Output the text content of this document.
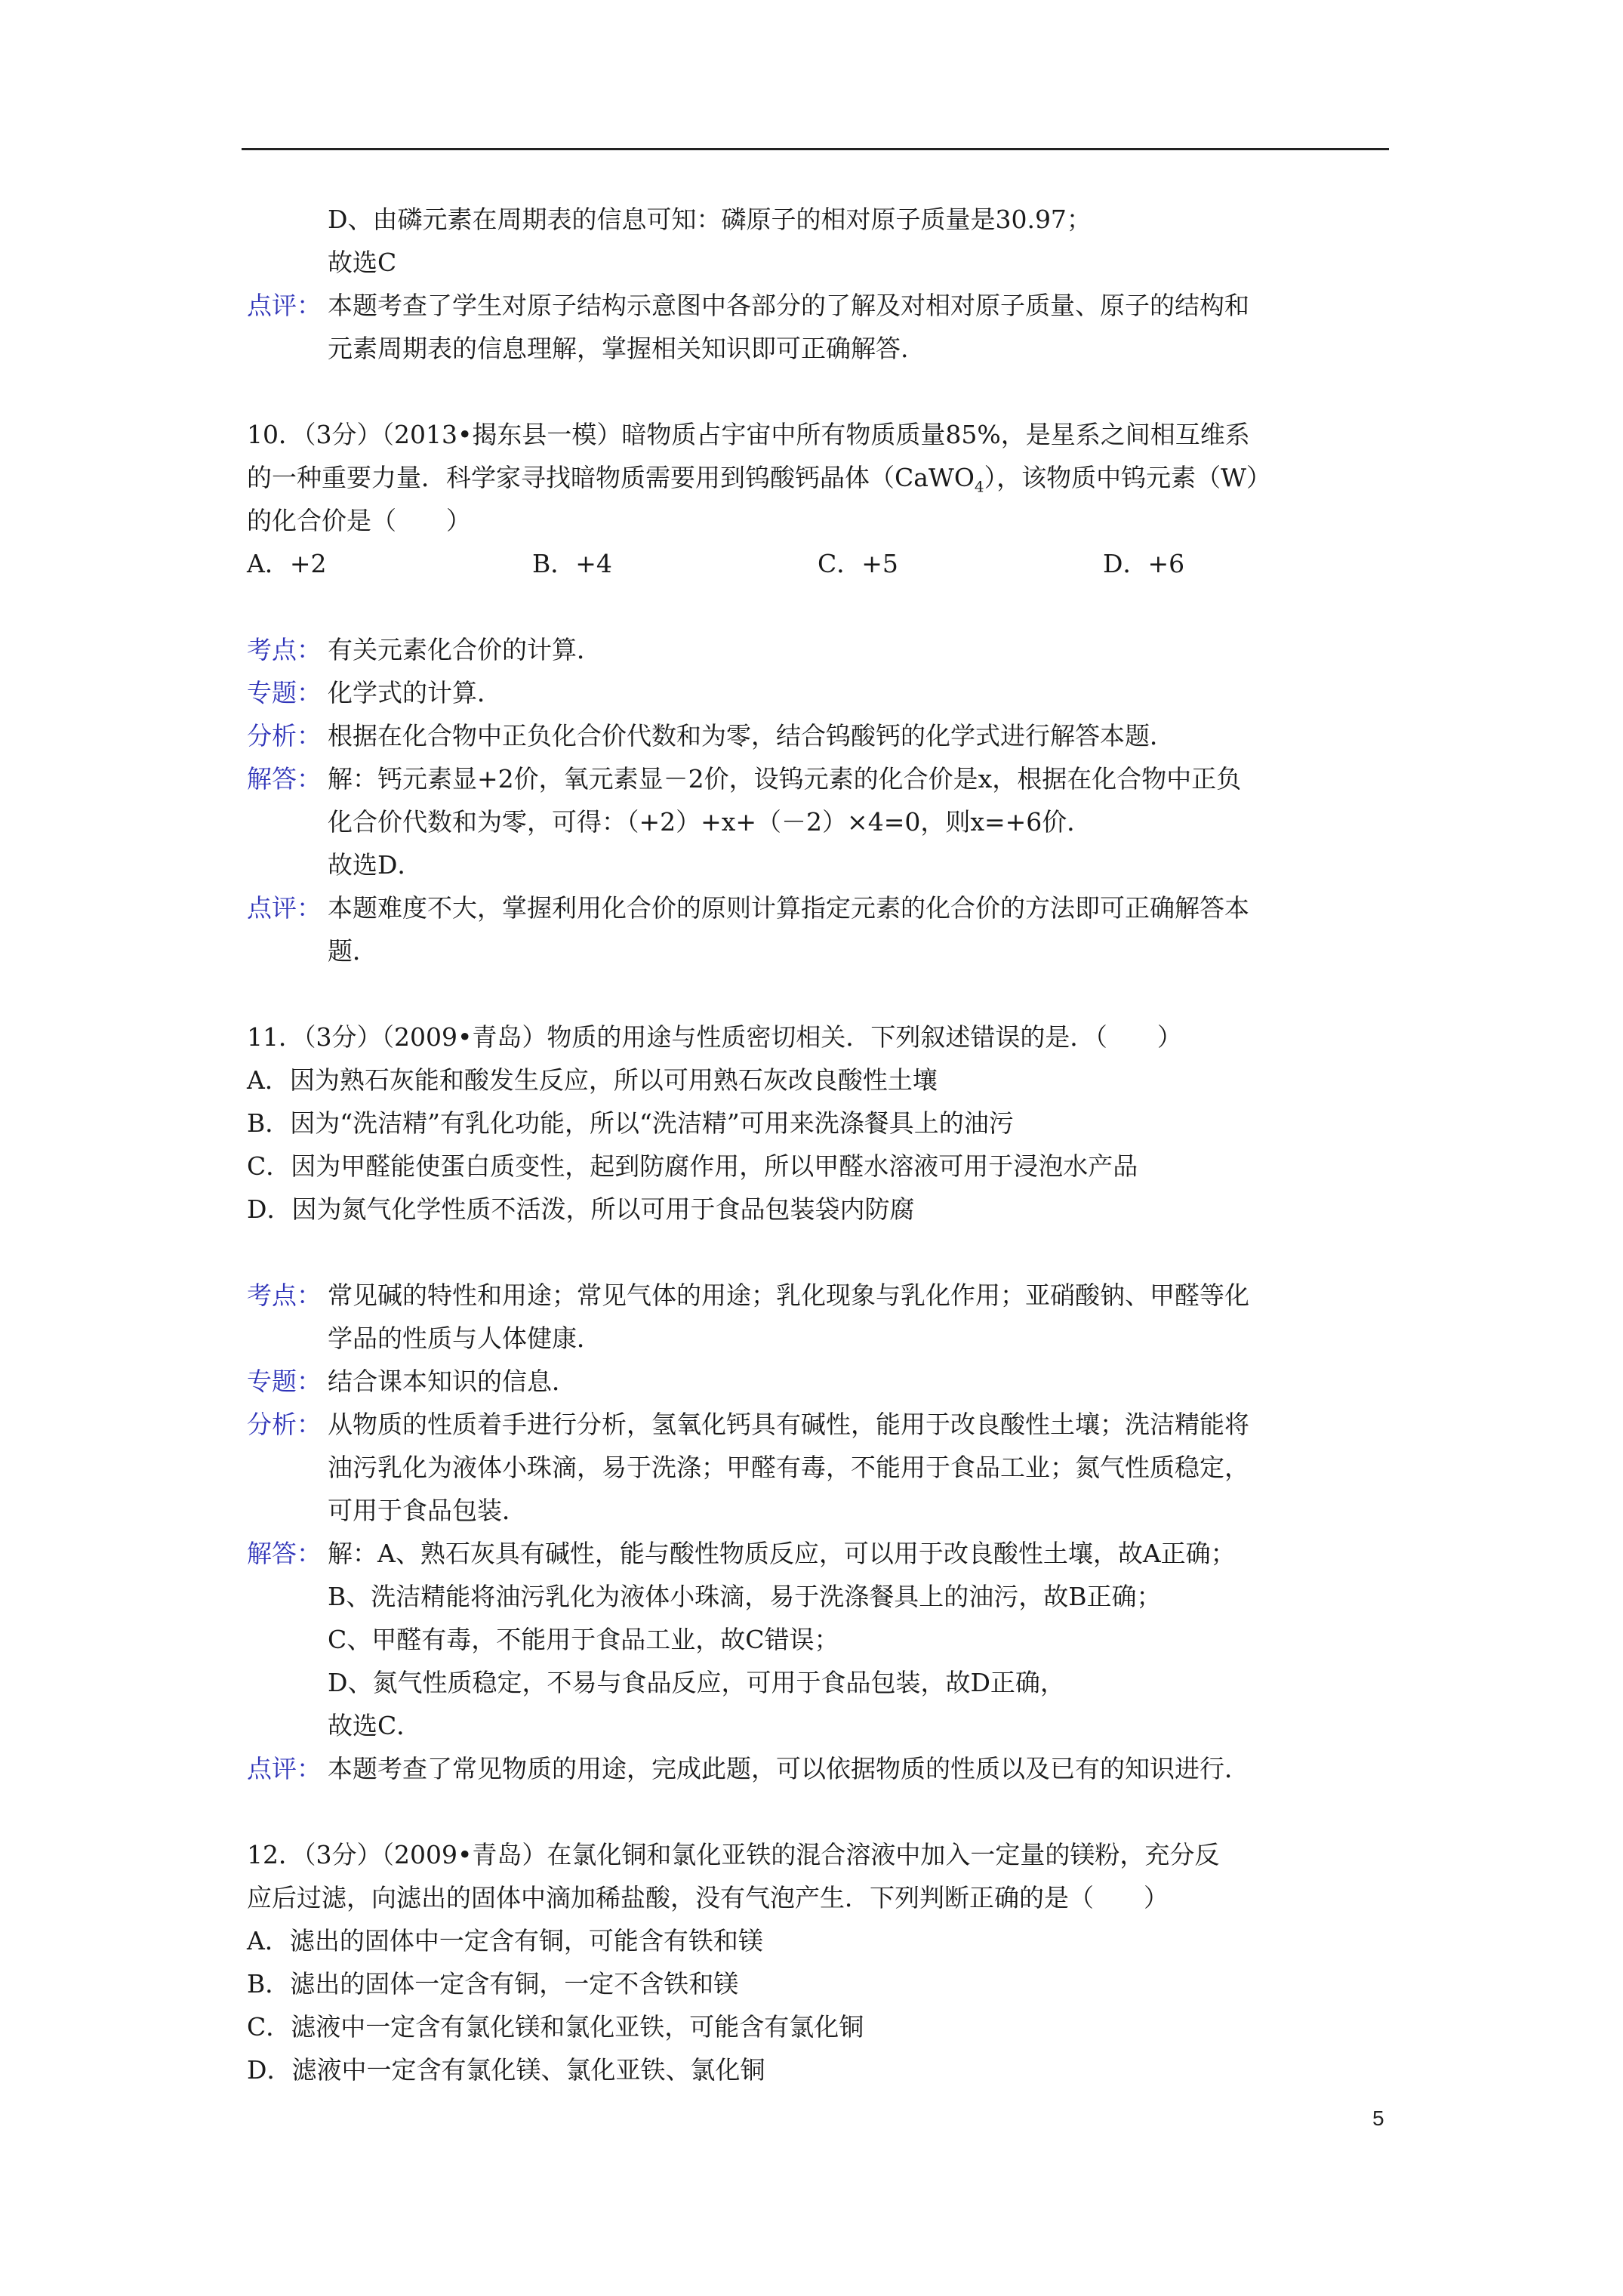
D、由磷元素在周期表的信息可知：磷原子的相对原子质量是30.97；
故选C
点评： 本题考查了学生对原子结构示意图中各部分的了解及对相对原子质量、原子的结构和
元素周期表的信息理解，掌握相关知识即可正确解答.
10．（3分）（2013•揭东县一模）暗物质占宇宙中所有物质质量85%，是星系之间相互维系
的一种重要力量．科学家寻找暗物质需要用到钨酸钙晶体（CaWO$_4$），该物质中钨元素（W）
的化合价是（　　）
A．+2	B．+4	C．+5	D．+6
考点： 有关元素化合价的计算．
专题： 化学式的计算．
分析： 根据在化合物中正负化合价代数和为零，结合钨酸钙的化学式进行解答本题．
解答： 解：钙元素显+2价，氧元素显－2价，设钨元素的化合价是x，根据在化合物中正负
化合价代数和为零，可得：（+2）+x+（－2）×4=0，则x=+6价．
故选D．
点评： 本题难度不大，掌握利用化合价的原则计算指定元素的化合价的方法即可正确解答本
题．
11．（3分）（2009•青岛）物质的用途与性质密切相关．下列叙述错误的是．（　　）
A．因为熟石灰能和酸发生反应，所以可用熟石灰改良酸性土壤
B．因为“洗洁精”有乳化功能，所以“洗洁精”可用来洗涤餐具上的油污
C．因为甲醛能使蛋白质变性，起到防腐作用，所以甲醛水溶液可用于浸泡水产品
D．因为氮气化学性质不活泼，所以可用于食品包装袋内防腐
考点： 常见碱的特性和用途；常见气体的用途；乳化现象与乳化作用；亚硝酸钠、甲醛等化
学品的性质与人体健康．
专题： 结合课本知识的信息．
分析： 从物质的性质着手进行分析，氢氧化钙具有碱性，能用于改良酸性土壤；洗洁精能将
油污乳化为液体小珠滴，易于洗涤；甲醛有毒，不能用于食品工业；氮气性质稳定，
可用于食品包装．
解答： 解：A、熟石灰具有碱性，能与酸性物质反应，可以用于改良酸性土壤，故A正确；
B、洗洁精能将油污乳化为液体小珠滴，易于洗涤餐具上的油污，故B正确；
C、甲醛有毒，不能用于食品工业，故C错误；
D、氮气性质稳定，不易与食品反应，可用于食品包装，故D正确，
故选C．
点评： 本题考查了常见物质的用途，完成此题，可以依据物质的性质以及已有的知识进行．
12．（3分）（2009•青岛）在氯化铜和氯化亚铁的混合溶液中加入一定量的镁粉，充分反
应后过滤，向滤出的固体中滴加稀盐酸，没有气泡产生．下列判断正确的是（　　）
A．滤出的固体中一定含有铜，可能含有铁和镁
B．滤出的固体一定含有铜，一定不含铁和镁
C．滤液中一定含有氯化镁和氯化亚铁，可能含有氯化铜
D．滤液中一定含有氯化镁、氯化亚铁、氯化铜
5
